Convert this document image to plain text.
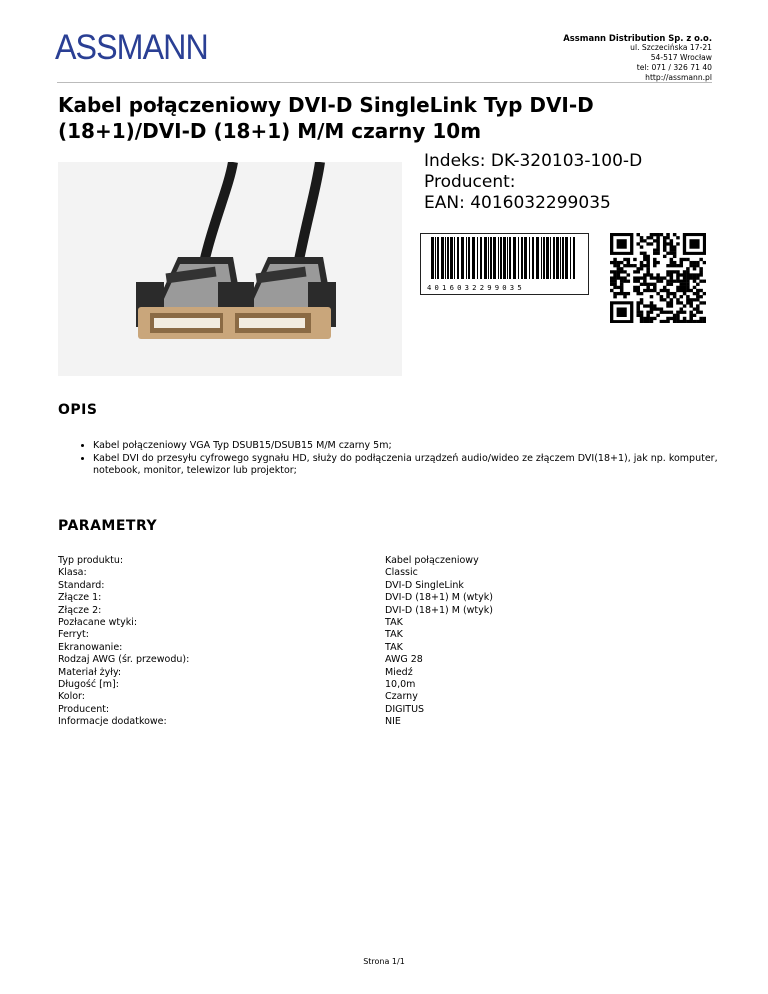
ASSMANN	Assmann Distribution Sp. z o.o.
ul. Szczecińska 17-21
54-517 Wrocław
tel: 071 / 326 71 40
http://assmann.pl
Kabel połączeniowy DVI-D SingleLink Typ DVI-D (18+1)/DVI-D (18+1) M/M czarny 10m
Indeks: DK-320103-100-D
Producent:
EAN: 4016032299035
4016032299035
OPIS
• Kabel połączeniowy VGA Typ DSUB15/DSUB15 M/M czarny 5m;
• Kabel DVI do przesyłu cyfrowego sygnału HD, służy do podłączenia urządzeń audio/wideo ze złączem DVI(18+1), jak np. komputer, notebook, monitor, telewizor lub projektor;
PARAMETRY
Typ produktu:	Kabel połączeniowy
Klasa:	Classic
Standard:	DVI-D SingleLink
Złącze 1:	DVI-D (18+1) M (wtyk)
Złącze 2:	DVI-D (18+1) M (wtyk)
Pozłacane wtyki:	TAK
Ferryt:	TAK
Ekranowanie:	TAK
Rodzaj AWG (śr. przewodu):	AWG 28
Materiał żyły:	Miedź
Długość [m]:	10,0m
Kolor:	Czarny
Producent:	DIGITUS
Informacje dodatkowe:	NIE
Strona 1/1
